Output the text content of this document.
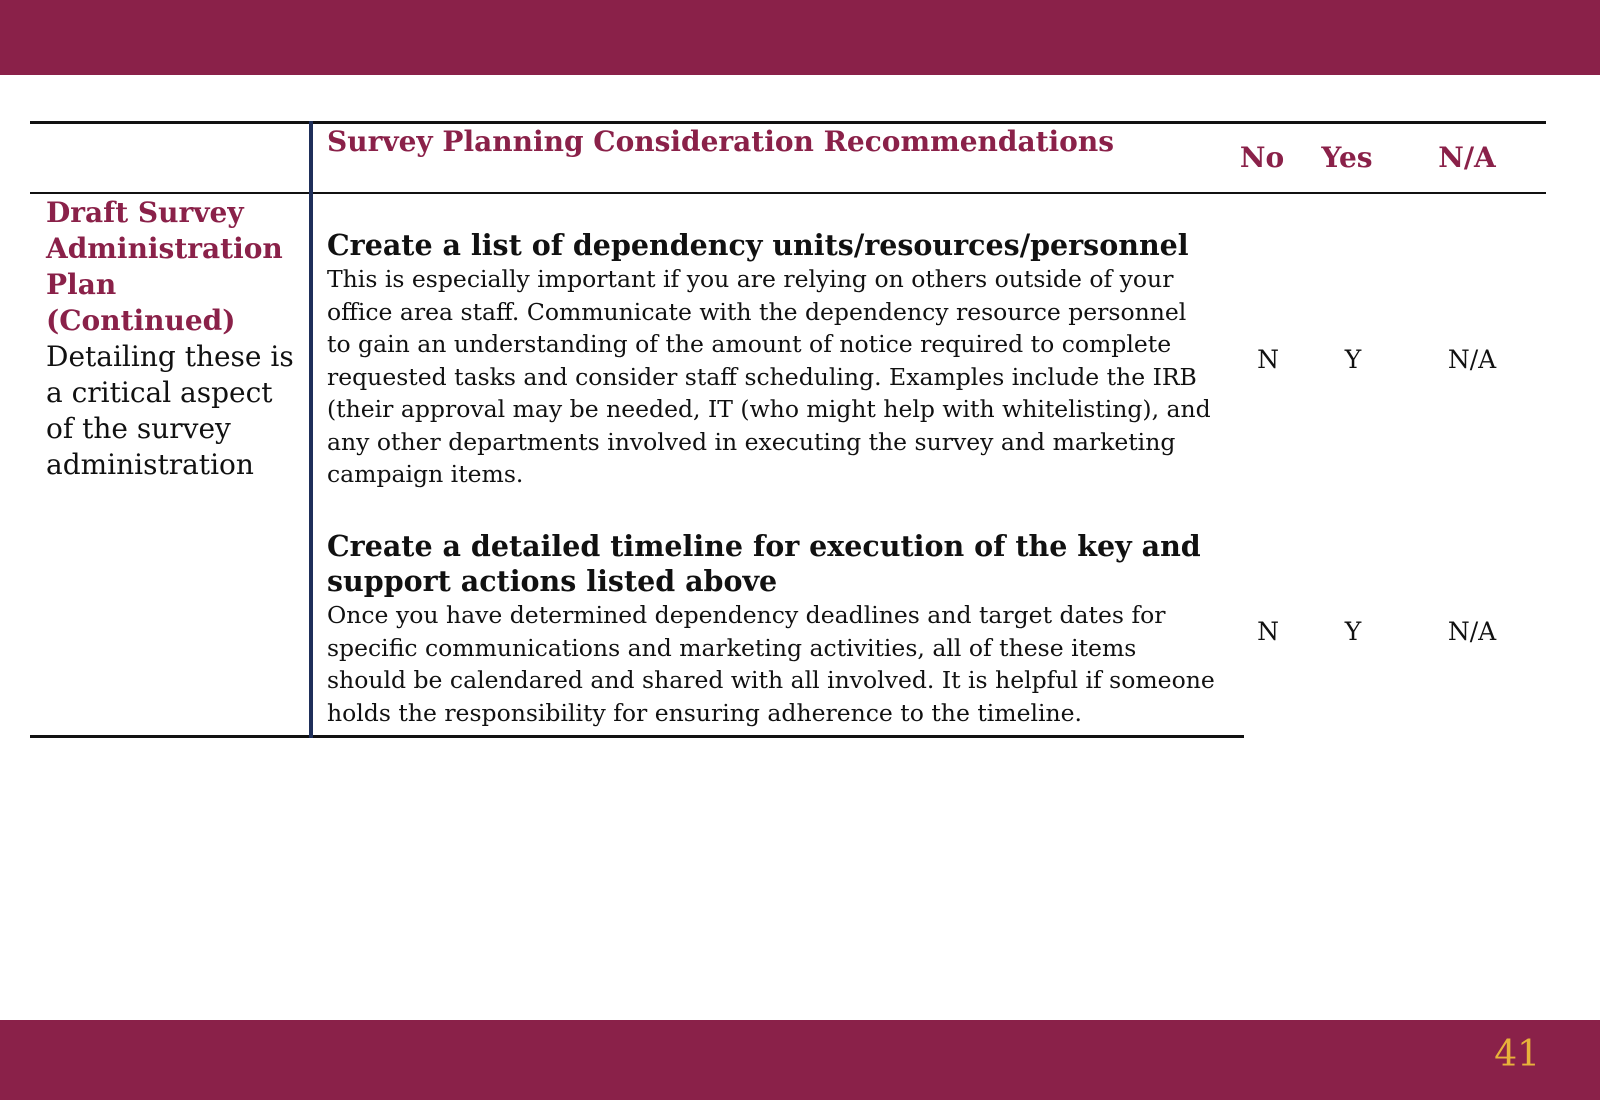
Survey Planning Consideration Recommendations	No	Yes	N/A
Draft Survey
Administration
Plan (Continued)
Detailing these is a critical aspect of the survey administration
Create a list of dependency units/resources/personnel
This is especially important if you are relying on others outside of your office area staff. Communicate with the dependency resource personnel to gain an understanding of the amount of notice required to complete requested tasks and consider staff scheduling. Examples include the IRB (their approval may be needed, IT (who might help with whitelisting), and any other departments involved in executing the survey and marketing campaign items.
N	Y	N/A
Create a detailed timeline for execution of the key and support actions listed above
Once you have determined dependency deadlines and target dates for specific communications and marketing activities, all of these items should be calendared and shared with all involved. It is helpful if someone holds the responsibility for ensuring adherence to the timeline.
N	Y	N/A
41
